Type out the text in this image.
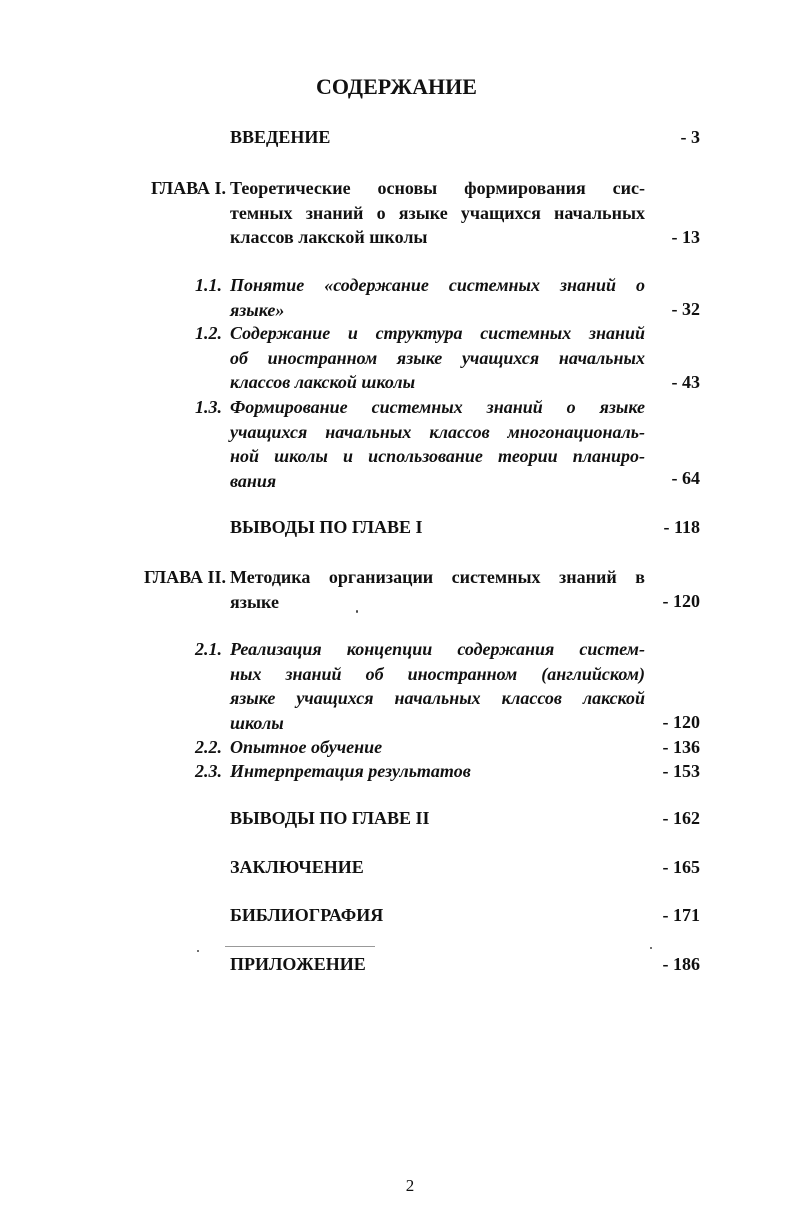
СОДЕРЖАНИЕ
ВВЕДЕНИЕ	- 3
ГЛАВА I. Теоретические основы формирования сис-
темных знаний о языке учащихся начальных
классов лакской школы	- 13
1.1. Понятие «содержание системных знаний о
языке»	- 32
1.2. Содержание и структура системных знаний
об иностранном языке учащихся начальных
классов лакской школы	- 43
1.3. Формирование системных знаний о языке
учащихся начальных классов многонациональ-
ной школы и использование теории планиро-
вания	- 64
ВЫВОДЫ ПО ГЛАВЕ I	- 118
ГЛАВА II. Методика организации системных знаний в
языке	- 120
2.1. Реализация концепции содержания систем-
ных знаний об иностранном (английском)
языке учащихся начальных классов лакской
школы	- 120
2.2. Опытное обучение	- 136
2.3. Интерпретация результатов	- 153
ВЫВОДЫ ПО ГЛАВЕ II	- 162
ЗАКЛЮЧЕНИЕ	- 165
БИБЛИОГРАФИЯ	- 171
ПРИЛОЖЕНИЕ	- 186
2
